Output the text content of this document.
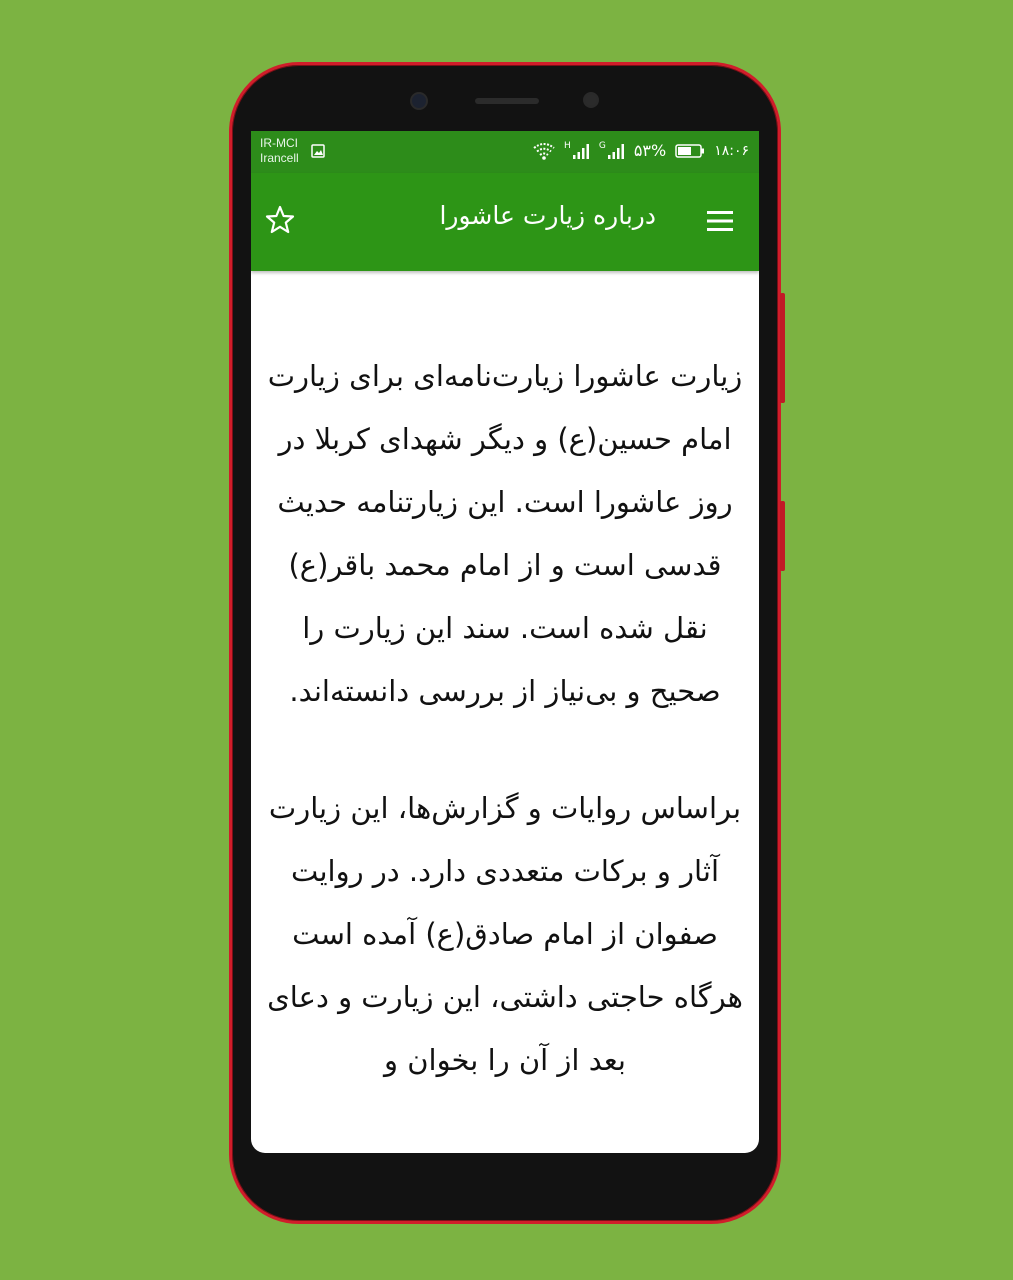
IR-MCI
Irancell
H	G ۵۳%	۱۸:۰۶
درباره زیارت عاشورا

زیارت عاشورا زیارت‌نامه‌ای برای زیارت امام حسین(ع) و دیگر شهدای کربلا در روز عاشورا است. این زیارتنامه حدیث قدسی است و از امام محمد باقر(ع) نقل شده است. سند این زیارت را صحیح و بی‌نیاز از بررسی دانسته‌اند.

براساس روایات و گزارش‌ها، این زیارت آثار و برکات متعددی دارد. در روایت صفوان از امام صادق(ع) آمده است هرگاه حاجتی داشتی، این زیارت و دعای بعد از آن را بخوان و
